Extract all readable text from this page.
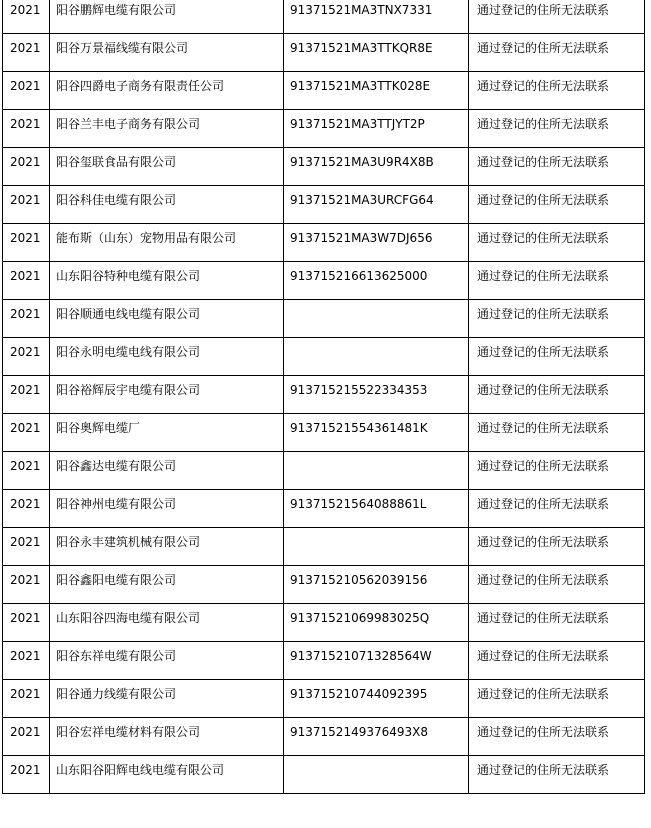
2021	阳谷鹏辉电缆有限公司	91371521MA3TNX7331	通过登记的住所无法联系

2021	阳谷万景福线缆有限公司	91371521MA3TTKQR8E	通过登记的住所无法联系

2021	阳谷四爵电子商务有限责任公司	91371521MA3TTK028E	通过登记的住所无法联系

2021	阳谷兰丰电子商务有限公司	91371521MA3TTJYT2P	通过登记的住所无法联系

2021	阳谷玺联食品有限公司	91371521MA3U9R4X8B	通过登记的住所无法联系

2021	阳谷科佳电缆有限公司	91371521MA3URCFG64	通过登记的住所无法联系

2021	能布斯（山东）宠物用品有限公司	91371521MA3W7DJ656	通过登记的住所无法联系

2021	山东阳谷特种电缆有限公司	913715216613625000	通过登记的住所无法联系

2021	阳谷顺通电线电缆有限公司		通过登记的住所无法联系

2021	阳谷永明电缆电线有限公司		通过登记的住所无法联系

2021	阳谷裕辉辰宇电缆有限公司	913715215522334353	通过登记的住所无法联系

2021	阳谷奥辉电缆厂	91371521554361481K	通过登记的住所无法联系

2021	阳谷鑫达电缆有限公司		通过登记的住所无法联系

2021	阳谷神州电缆有限公司	91371521564088861L	通过登记的住所无法联系

2021	阳谷永丰建筑机械有限公司		通过登记的住所无法联系

2021	阳谷鑫阳电缆有限公司	913715210562039156	通过登记的住所无法联系

2021	山东阳谷四海电缆有限公司	91371521069983025Q	通过登记的住所无法联系

2021	阳谷东祥电缆有限公司	91371521071328564W	通过登记的住所无法联系

2021	阳谷通力线缆有限公司	913715210744092395	通过登记的住所无法联系

2021	阳谷宏祥电缆材料有限公司	9137152149376493X8	通过登记的住所无法联系

2021	山东阳谷阳辉电线电缆有限公司		通过登记的住所无法联系
